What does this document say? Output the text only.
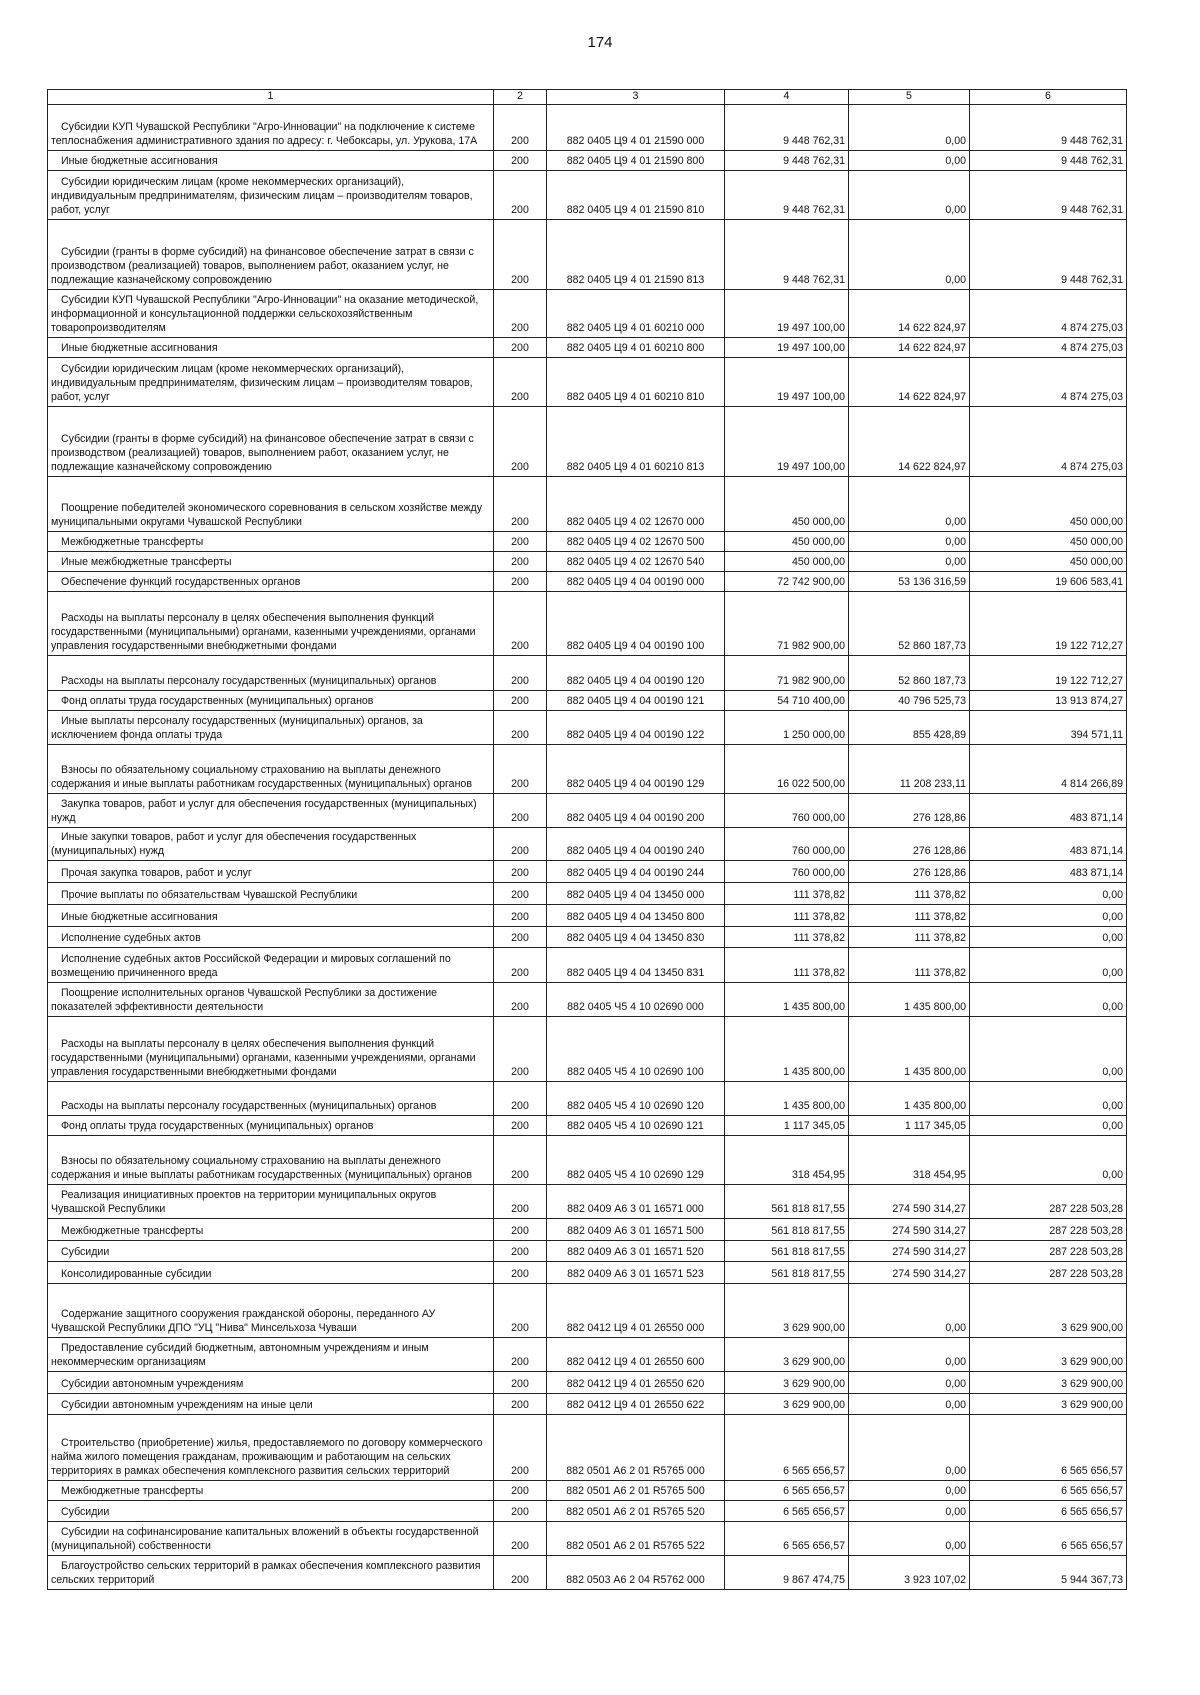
174
1	2	3	4	5	6

Субсидии КУП Чувашской Республики "Агро-Инновации" на подключение к системе теплоснабжения административного здания по адресу: г. Чебоксары, ул. Урукова, 17А	200	882 0405 Ц9 4 01 21590 000	9 448 762,31	0,00	9 448 762,31

Иные бюджетные ассигнования	200	882 0405 Ц9 4 01 21590 800	9 448 762,31	0,00	9 448 762,31

Субсидии юридическим лицам (кроме некоммерческих организаций), индивидуальным предпринимателям, физическим лицам – производителям товаров, работ, услуг	200	882 0405 Ц9 4 01 21590 810	9 448 762,31	0,00	9 448 762,31

Субсидии (гранты в форме субсидий) на финансовое обеспечение затрат в связи с производством (реализацией) товаров, выполнением работ, оказанием услуг, не подлежащие казначейскому сопровождению	200	882 0405 Ц9 4 01 21590 813	9 448 762,31	0,00	9 448 762,31

Субсидии КУП Чувашской Республики "Агро-Инновации" на оказание методической, информационной и консультационной поддержки сельскохозяйственным товаропроизводителям	200	882 0405 Ц9 4 01 60210 000	19 497 100,00	14 622 824,97	4 874 275,03

Иные бюджетные ассигнования	200	882 0405 Ц9 4 01 60210 800	19 497 100,00	14 622 824,97	4 874 275,03

Субсидии юридическим лицам (кроме некоммерческих организаций), индивидуальным предпринимателям, физическим лицам – производителям товаров, работ, услуг	200	882 0405 Ц9 4 01 60210 810	19 497 100,00	14 622 824,97	4 874 275,03

Субсидии (гранты в форме субсидий) на финансовое обеспечение затрат в связи с производством (реализацией) товаров, выполнением работ, оказанием услуг, не подлежащие казначейскому сопровождению	200	882 0405 Ц9 4 01 60210 813	19 497 100,00	14 622 824,97	4 874 275,03

Поощрение победителей экономического соревнования в сельском хозяйстве между муниципальными округами Чувашской Республики	200	882 0405 Ц9 4 02 12670 000	450 000,00	0,00	450 000,00

Межбюджетные трансферты	200	882 0405 Ц9 4 02 12670 500	450 000,00	0,00	450 000,00

Иные межбюджетные трансферты	200	882 0405 Ц9 4 02 12670 540	450 000,00	0,00	450 000,00

Обеспечение функций государственных органов	200	882 0405 Ц9 4 04 00190 000	72 742 900,00	53 136 316,59	19 606 583,41

Расходы на выплаты персоналу в целях обеспечения выполнения функций государственными (муниципальными) органами, казенными учреждениями, органами управления государственными внебюджетными фондами	200	882 0405 Ц9 4 04 00190 100	71 982 900,00	52 860 187,73	19 122 712,27

Расходы на выплаты персоналу государственных (муниципальных) органов	200	882 0405 Ц9 4 04 00190 120	71 982 900,00	52 860 187,73	19 122 712,27

Фонд оплаты труда государственных (муниципальных) органов	200	882 0405 Ц9 4 04 00190 121	54 710 400,00	40 796 525,73	13 913 874,27

Иные выплаты персоналу государственных (муниципальных) органов, за исключением фонда оплаты труда	200	882 0405 Ц9 4 04 00190 122	1 250 000,00	855 428,89	394 571,11

Взносы по обязательному социальному страхованию на выплаты денежного содержания и иные выплаты работникам государственных (муниципальных) органов	200	882 0405 Ц9 4 04 00190 129	16 022 500,00	11 208 233,11	4 814 266,89

Закупка товаров, работ и услуг для обеспечения государственных (муниципальных) нужд	200	882 0405 Ц9 4 04 00190 200	760 000,00	276 128,86	483 871,14

Иные закупки товаров, работ и услуг для обеспечения государственных (муниципальных) нужд	200	882 0405 Ц9 4 04 00190 240	760 000,00	276 128,86	483 871,14

Прочая закупка товаров, работ и услуг	200	882 0405 Ц9 4 04 00190 244	760 000,00	276 128,86	483 871,14

Прочие выплаты по обязательствам Чувашской Республики	200	882 0405 Ц9 4 04 13450 000	111 378,82	111 378,82	0,00

Иные бюджетные ассигнования	200	882 0405 Ц9 4 04 13450 800	111 378,82	111 378,82	0,00

Исполнение судебных актов	200	882 0405 Ц9 4 04 13450 830	111 378,82	111 378,82	0,00

Исполнение судебных актов Российской Федерации и мировых соглашений по возмещению причиненного вреда	200	882 0405 Ц9 4 04 13450 831	111 378,82	111 378,82	0,00

Поощрение исполнительных органов Чувашской Республики за достижение показателей эффективности деятельности	200	882 0405 Ч5 4 10 02690 000	1 435 800,00	1 435 800,00	0,00

Расходы на выплаты персоналу в целях обеспечения выполнения функций государственными (муниципальными) органами, казенными учреждениями, органами управления государственными внебюджетными фондами	200	882 0405 Ч5 4 10 02690 100	1 435 800,00	1 435 800,00	0,00

Расходы на выплаты персоналу государственных (муниципальных) органов	200	882 0405 Ч5 4 10 02690 120	1 435 800,00	1 435 800,00	0,00

Фонд оплаты труда государственных (муниципальных) органов	200	882 0405 Ч5 4 10 02690 121	1 117 345,05	1 117 345,05	0,00

Взносы по обязательному социальному страхованию на выплаты денежного содержания и иные выплаты работникам государственных (муниципальных) органов	200	882 0405 Ч5 4 10 02690 129	318 454,95	318 454,95	0,00

Реализация инициативных проектов на территории муниципальных округов Чувашской Республики	200	882 0409 А6 3 01 16571 000	561 818 817,55	274 590 314,27	287 228 503,28

Межбюджетные трансферты	200	882 0409 А6 3 01 16571 500	561 818 817,55	274 590 314,27	287 228 503,28

Субсидии	200	882 0409 А6 3 01 16571 520	561 818 817,55	274 590 314,27	287 228 503,28

Консолидированные субсидии	200	882 0409 А6 3 01 16571 523	561 818 817,55	274 590 314,27	287 228 503,28

Содержание защитного сооружения гражданской обороны, переданного АУ Чувашской Республики ДПО "УЦ "Нива" Минсельхоза Чуваши	200	882 0412 Ц9 4 01 26550 000	3 629 900,00	0,00	3 629 900,00

Предоставление субсидий бюджетным, автономным учреждениям и иным некоммерческим организациям	200	882 0412 Ц9 4 01 26550 600	3 629 900,00	0,00	3 629 900,00

Субсидии автономным учреждениям	200	882 0412 Ц9 4 01 26550 620	3 629 900,00	0,00	3 629 900,00

Субсидии автономным учреждениям на иные цели	200	882 0412 Ц9 4 01 26550 622	3 629 900,00	0,00	3 629 900,00

Строительство (приобретение) жилья, предоставляемого по договору коммерческого найма жилого помещения гражданам, проживающим и работающим на сельских территориях в рамках обеспечения комплексного развития сельских территорий	200	882 0501 А6 2 01 R5765 000	6 565 656,57	0,00	6 565 656,57

Межбюджетные трансферты	200	882 0501 А6 2 01 R5765 500	6 565 656,57	0,00	6 565 656,57

Субсидии	200	882 0501 А6 2 01 R5765 520	6 565 656,57	0,00	6 565 656,57

Субсидии на софинансирование капитальных вложений в объекты государственной (муниципальной) собственности	200	882 0501 А6 2 01 R5765 522	6 565 656,57	0,00	6 565 656,57

Благоустройство сельских территорий в рамках обеспечения комплексного развития сельских территорий	200	882 0503 А6 2 04 R5762 000	9 867 474,75	3 923 107,02	5 944 367,73
